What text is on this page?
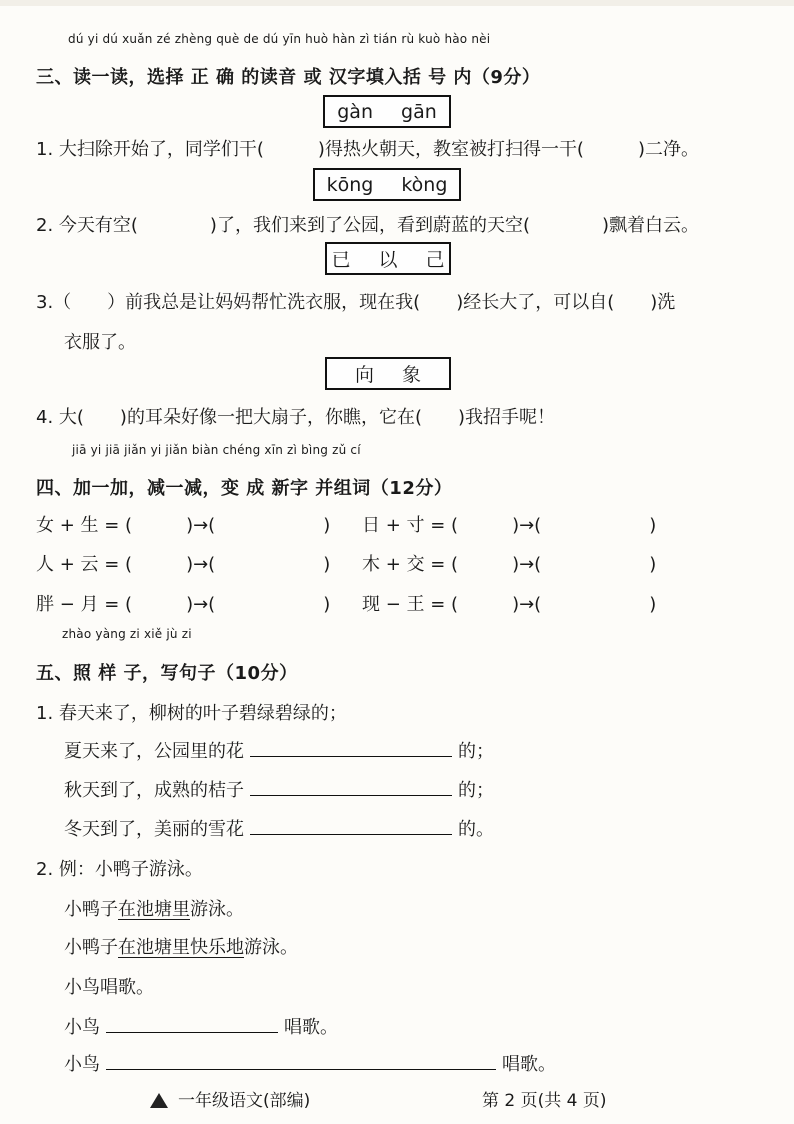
dú yi dú xuǎn zé zhèng què de dú yīn huò hàn zì tián rù kuò hào nèi
三、读一读，选择 正 确 的读音 或 汉字填入括 号 内（9分）
gàn gān
1. 大扫除开始了，同学们干(　　　)得热火朝天，教室被打扫得一干(　　　)二净。
kōng kòng
2. 今天有空(　　　　)了，我们来到了公园，看到蔚蓝的天空(　　　　)飘着白云。
已 以 己
3.（　　）前我总是让妈妈帮忙洗衣服，现在我(　　)经长大了，可以自(　　)洗
衣服了。
向 象
4. 大(　　)的耳朵好像一把大扇子，你瞧，它在(　　)我招手呢！
jiā yi jiā jiǎn yi jiǎn biàn chéng xīn zì bìng zǔ cí
四、加一加，减一减，变 成 新字 并组词（12分）
女 + 生 = (　　　)→(　　　　　　) 日 + 寸 = (　　　)→(　　　　　　)
人 + 云 = (　　　)→(　　　　　　) 木 + 交 = (　　　)→(　　　　　　)
胖 − 月 = (　　　)→(　　　　　　) 现 − 王 = (　　　)→(　　　　　　)
zhào yàng zi xiě jù zi
五、照 样 子，写句子（10分）
1. 春天来了，柳树的叶子碧绿碧绿的；
夏天来了，公园里的花	的；
秋天到了，成熟的桔子	的；
冬天到了，美丽的雪花	的。
2. 例：小鸭子游泳。
小鸭子在池塘里游泳。
小鸭子在池塘里快乐地游泳。
小鸟唱歌。
小鸟	唱歌。
小鸟	唱歌。
一年级语文(部编)	第 2 页(共 4 页)
